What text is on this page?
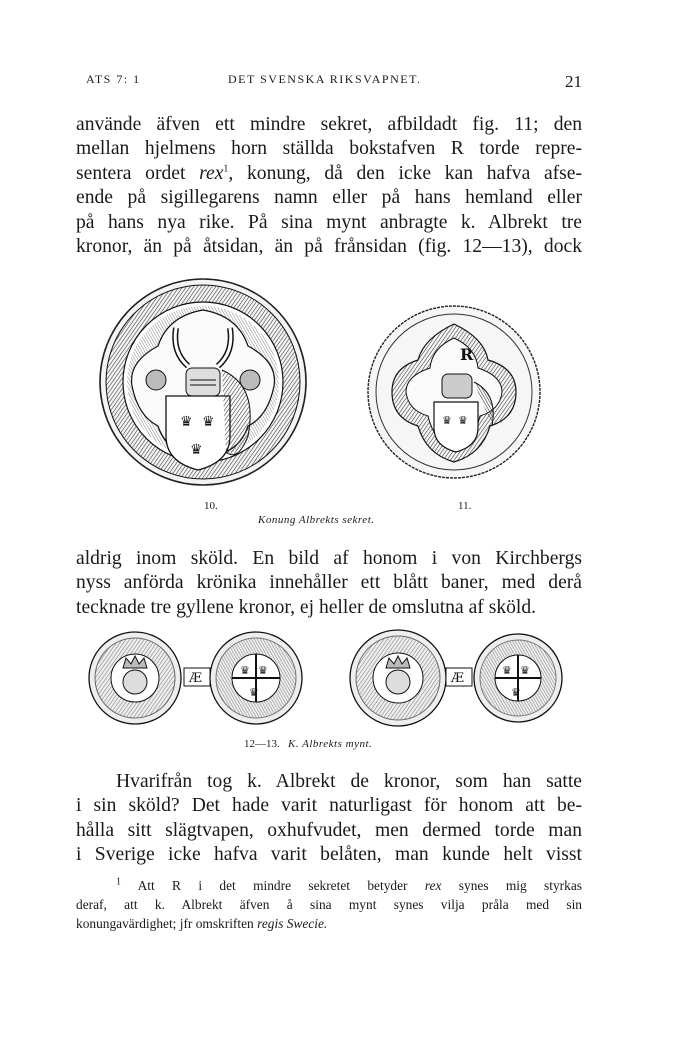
ATS 7: 1	DET SVENSKA RIKSVAPNET.	21

använde äfven ett mindre sekret, afbildadt fig. 11; den
mellan hjelmens horn ställda bokstafven R torde repre-
sentera ordet rex$^1$, konung, då den icke kan hafva afse-
ende på sigillegarens namn eller på hans hemland eller
på hans nya rike. På sina mynt anbragte k. Albrekt tre
kronor, än på åtsidan, än på frånsidan (fig. 12—13), dock

♛ ♛
♛
R
♛ ♛
10.	11.
Konung Albrekts sekret.

aldrig inom sköld. En bild af honom i von Kirchbergs
nyss anförda krönika innehåller ett blått baner, med derå
tecknade tre gyllene kronor, ej heller de omslutna af sköld.

Æ
♛ ♛
♛
Æ
♛ ♛
♛
12—13. K. Albrekts mynt.

Hvarifrån tog k. Albrekt de kronor, som han satte
i sin sköld? Det hade varit naturligast för honom att be-
hålla sitt slägtvapen, oxhufvudet, men dermed torde man
i Sverige icke hafva varit belåten, man kunde helt visst

$^1$ Att R i det mindre sekretet betyder rex synes mig styrkas
deraf, att k. Albrekt äfven å sina mynt synes vilja pråla med sin
konungavärdighet; jfr omskriften regis Swecie.
